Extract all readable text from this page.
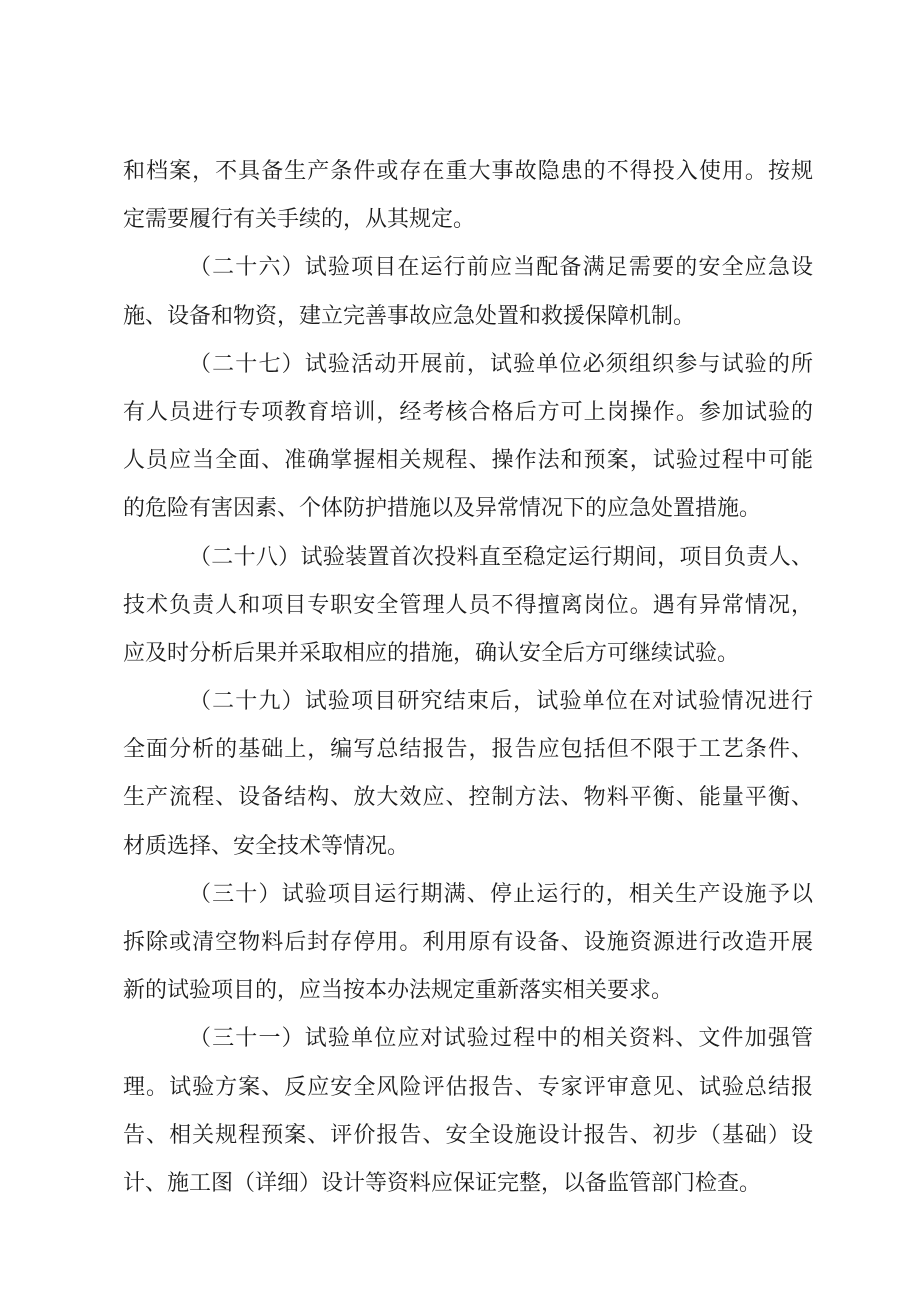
和档案，不具备生产条件或存在重大事故隐患的不得投入使用。按规
定需要履行有关手续的，从其规定。
（二十六）试验项目在运行前应当配备满足需要的安全应急设
施、设备和物资，建立完善事故应急处置和救援保障机制。
（二十七）试验活动开展前，试验单位必须组织参与试验的所
有人员进行专项教育培训，经考核合格后方可上岗操作。参加试验的
人员应当全面、准确掌握相关规程、操作法和预案，试验过程中可能
的危险有害因素、个体防护措施以及异常情况下的应急处置措施。
（二十八）试验装置首次投料直至稳定运行期间，项目负责人、
技术负责人和项目专职安全管理人员不得擅离岗位。遇有异常情况，
应及时分析后果并采取相应的措施，确认安全后方可继续试验。
（二十九）试验项目研究结束后，试验单位在对试验情况进行
全面分析的基础上，编写总结报告，报告应包括但不限于工艺条件、
生产流程、设备结构、放大效应、控制方法、物料平衡、能量平衡、
材质选择、安全技术等情况。
（三十）试验项目运行期满、停止运行的，相关生产设施予以
拆除或清空物料后封存停用。利用原有设备、设施资源进行改造开展
新的试验项目的，应当按本办法规定重新落实相关要求。
（三十一）试验单位应对试验过程中的相关资料、文件加强管
理。试验方案、反应安全风险评估报告、专家评审意见、试验总结报
告、相关规程预案、评价报告、安全设施设计报告、初步（基础）设
计、施工图（详细）设计等资料应保证完整，以备监管部门检查。
